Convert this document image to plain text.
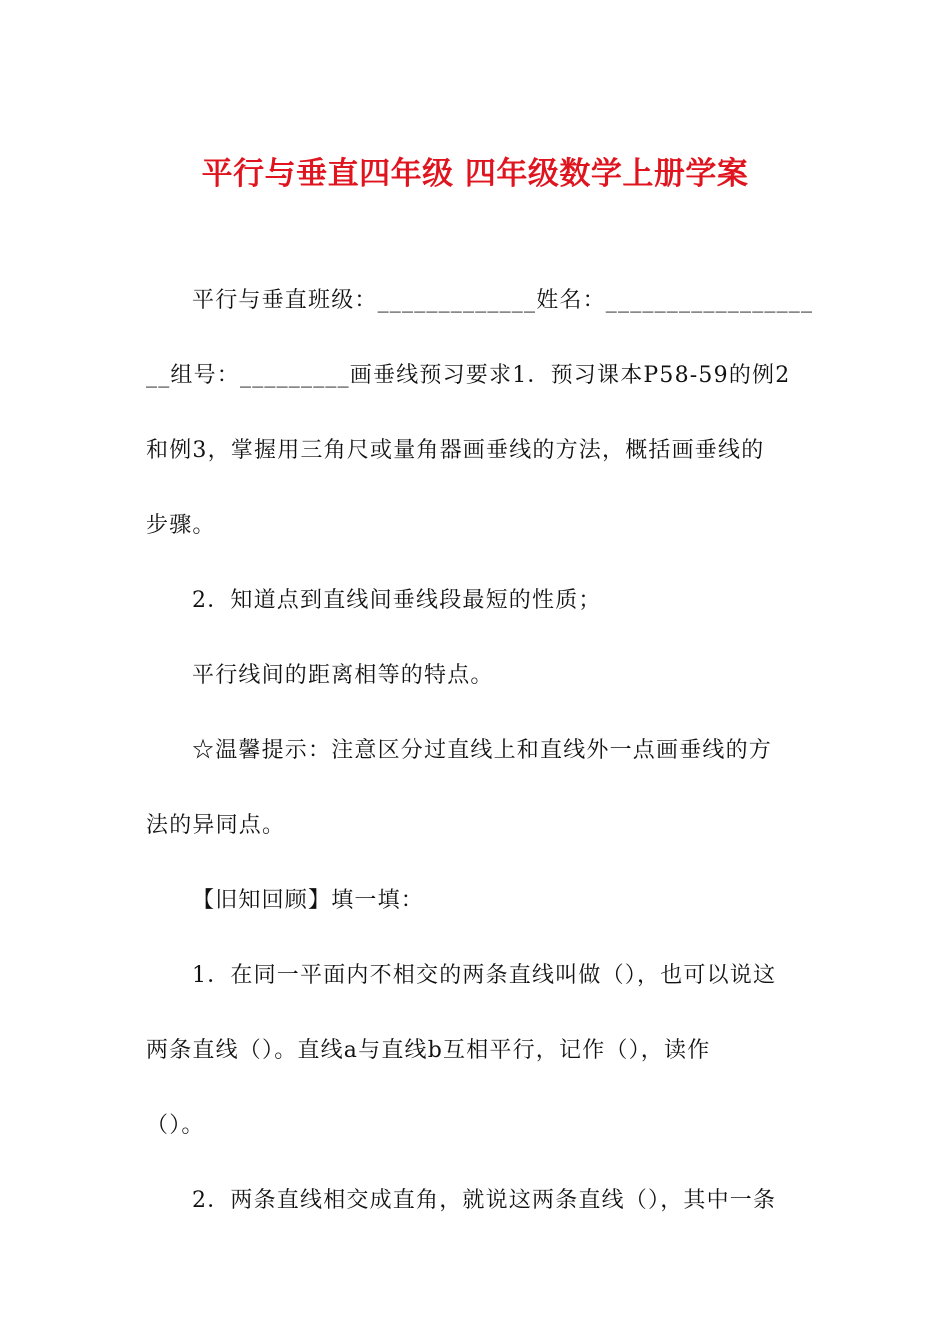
平行与垂直四年级 四年级数学上册学案
平行与垂直班级：_____________姓名：_________________
__组号：_________画垂线预习要求1．预习课本P58-59的例2
和例3，掌握用三角尺或量角器画垂线的方法，概括画垂线的
步骤。
2．知道点到直线间垂线段最短的性质；
平行线间的距离相等的特点。
☆温馨提示：注意区分过直线上和直线外一点画垂线的方
法的异同点。
【旧知回顾】填一填：
1．在同一平面内不相交的两条直线叫做（），也可以说这
两条直线（）。直线a与直线b互相平行，记作（），读作
（）。
2．两条直线相交成直角，就说这两条直线（），其中一条
